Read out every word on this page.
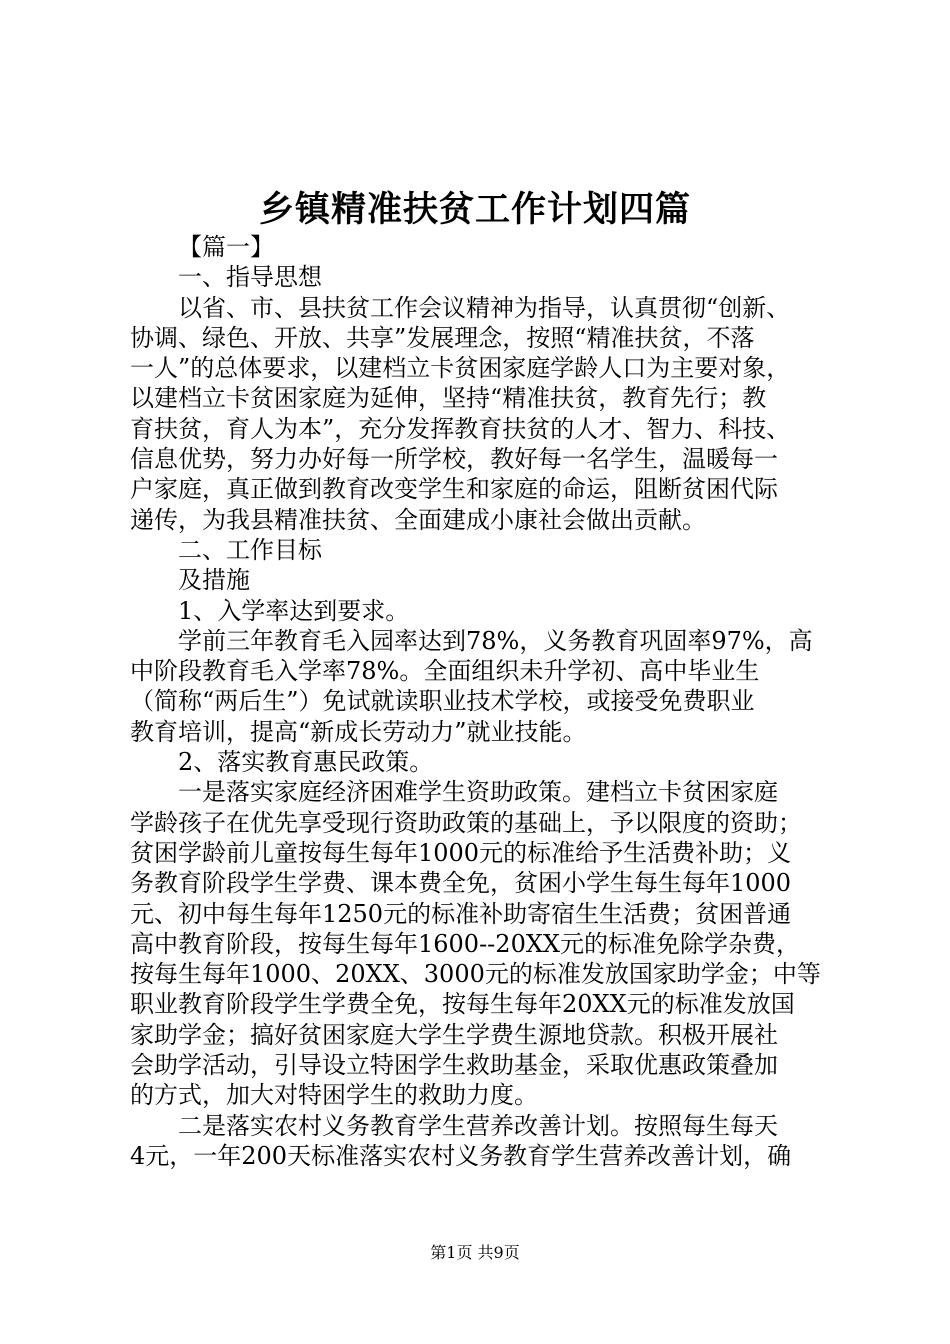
乡镇精准扶贫工作计划四篇
【篇一】
一、指导思想
以省、市、县扶贫工作会议精神为指导，认真贯彻“创新、
协调、绿色、开放、共享”发展理念，按照“精准扶贫，不落
一人”的总体要求，以建档立卡贫困家庭学龄人口为主要对象，
以建档立卡贫困家庭为延伸，坚持“精准扶贫，教育先行；教
育扶贫，育人为本”，充分发挥教育扶贫的人才、智力、科技、
信息优势，努力办好每一所学校，教好每一名学生，温暖每一
户家庭，真正做到教育改变学生和家庭的命运，阻断贫困代际
递传，为我县精准扶贫、全面建成小康社会做出贡献。
二、工作目标
及措施
1、入学率达到要求。
学前三年教育毛入园率达到78%，义务教育巩固率97%，高
中阶段教育毛入学率78%。全面组织未升学初、高中毕业生
（简称“两后生”）免试就读职业技术学校，或接受免费职业
教育培训，提高“新成长劳动力”就业技能。
2、落实教育惠民政策。
一是落实家庭经济困难学生资助政策。建档立卡贫困家庭
学龄孩子在优先享受现行资助政策的基础上，予以限度的资助；
贫困学龄前儿童按每生每年1000元的标准给予生活费补助；义
务教育阶段学生学费、课本费全免，贫困小学生每生每年1000
元、初中每生每年1250元的标准补助寄宿生生活费；贫困普通
高中教育阶段，按每生每年1600--20XX元的标准免除学杂费，
按每生每年1000、20XX、3000元的标准发放国家助学金；中等
职业教育阶段学生学费全免，按每生每年20XX元的标准发放国
家助学金；搞好贫困家庭大学生学费生源地贷款。积极开展社
会助学活动，引导设立特困学生救助基金，采取优惠政策叠加
的方式，加大对特困学生的救助力度。
二是落实农村义务教育学生营养改善计划。按照每生每天
4元，一年200天标准落实农村义务教育学生营养改善计划，确
第1页 共9页
